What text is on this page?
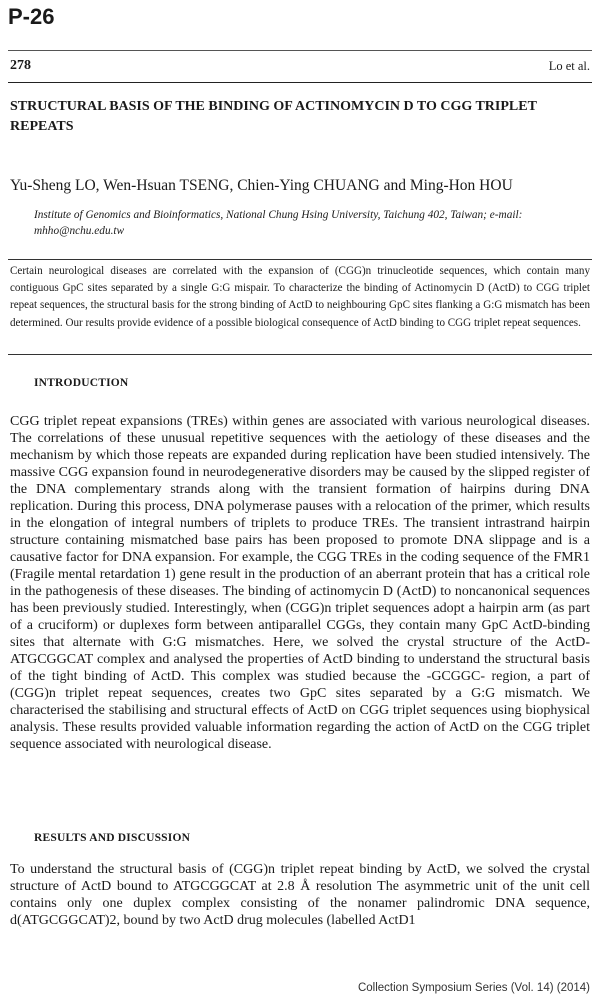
P-26
278	Lo et al.
STRUCTURAL BASIS OF THE BINDING OF ACTINOMYCIN D TO CGG TRIPLET REPEATS

Yu-Sheng LO, Wen-Hsuan TSENG, Chien-Ying CHUANG and Ming-Hon HOU

Institute of Genomics and Bioinformatics, National Chung Hsing University, Taichung 402, Taiwan; e-mail: mhho@nchu.edu.tw

Certain neurological diseases are correlated with the expansion of (CGG)n trinucleotide sequences, which contain many contiguous GpC sites separated by a single G:G mispair. To characterize the binding of Actinomycin D (ActD) to CGG triplet repeat sequences, the structural basis for the strong binding of ActD to neighbouring GpC sites flanking a G:G mismatch has been determined. Our results provide evidence of a possible biological consequence of ActD binding to CGG triplet repeat sequences.

INTRODUCTION

CGG triplet repeat expansions (TREs) within genes are associated with various neurological diseases. The correlations of these unusual repetitive sequences with the aetiology of these diseases and the mechanism by which those repeats are expanded during replication have been studied intensively. The massive CGG expansion found in neurodegenerative disorders may be caused by the slipped register of the DNA complementary strands along with the transient formation of hairpins during DNA replication. During this process, DNA polymerase pauses with a relocation of the primer, which results in the elongation of integral numbers of triplets to produce TREs. The transient intrastrand hairpin structure containing mismatched base pairs has been proposed to promote DNA slippage and is a causative factor for DNA expansion. For example, the CGG TREs in the coding sequence of the FMR1 (Fragile mental retardation 1) gene result in the production of an aberrant protein that has a critical role in the pathogenesis of these diseases. The binding of actinomycin D (ActD) to noncanonical sequences has been previously studied. Interestingly, when (CGG)n triplet sequences adopt a hairpin arm (as part of a cruciform) or duplexes form between antiparallel CGGs, they contain many GpC ActD-binding sites that alternate with G:G mismatches. Here, we solved the crystal structure of the ActD-ATGCGGCAT complex and analysed the properties of ActD binding to understand the structural basis of the tight binding of ActD. This complex was studied because the -GCGGC- region, a part of (CGG)n triplet repeat sequences, creates two GpC sites separated by a G:G mismatch. We characterised the stabilising and structural effects of ActD on CGG triplet sequences using biophysical analysis. These results provided valuable information regarding the action of ActD on the CGG triplet sequence associated with neurological disease.

RESULTS AND DISCUSSION

To understand the structural basis of (CGG)n triplet repeat binding by ActD, we solved the crystal structure of ActD bound to ATGCGGCAT at 2.8 Å resolution The asymmetric unit of the unit cell contains only one duplex complex consisting of the nonamer palindromic DNA sequence, d(ATGCGGCAT)2, bound by two ActD drug molecules (labelled ActD1

Collection Symposium Series (Vol. 14) (2014)
